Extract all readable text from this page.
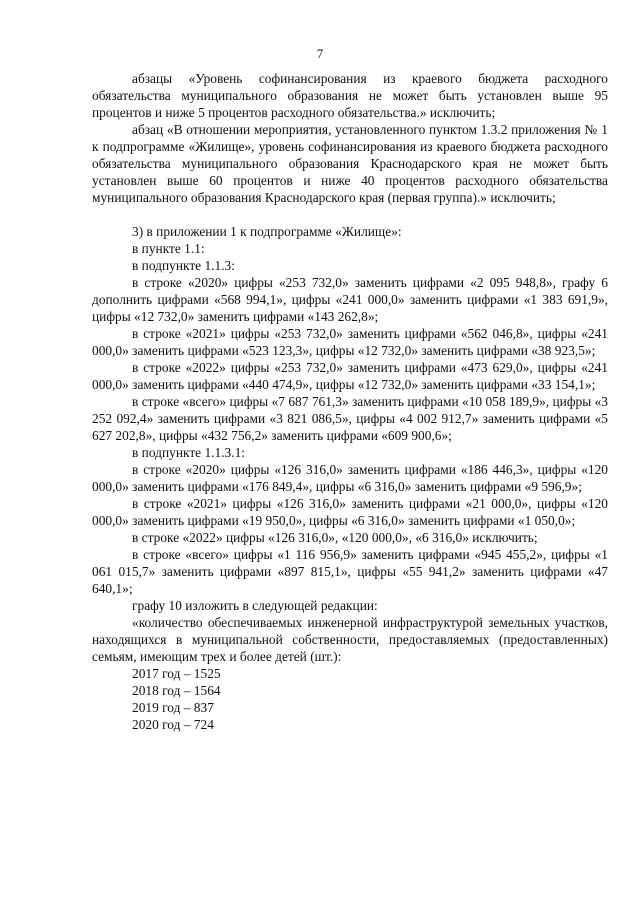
7

абзацы «Уровень софинансирования из краевого бюджета расходного обязательства муниципального образования не может быть установлен выше 95 процентов и ниже 5 процентов расходного обязательства.» исключить;

абзац «В отношении мероприятия, установленного пунктом 1.3.2 приложения № 1 к подпрограмме «Жилище», уровень софинансирования из краевого бюджета расходного обязательства муниципального образования Краснодарского края не может быть установлен выше 60 процентов и ниже 40 процентов расходного обязательства муниципального образования Краснодарского края (первая группа).» исключить;

3) в приложении 1 к подпрограмме «Жилище»:

в пункте 1.1:

в подпункте 1.1.3:

в строке «2020» цифры «253 732,0» заменить цифрами «2 095 948,8», графу 6 дополнить цифрами «568 994,1», цифры «241 000,0» заменить цифрами «1 383 691,9», цифры «12 732,0» заменить цифрами «143 262,8»;

в строке «2021» цифры «253 732,0» заменить цифрами «562 046,8», цифры «241 000,0» заменить цифрами «523 123,3», цифры «12 732,0» заменить цифрами «38 923,5»;

в строке «2022» цифры «253 732,0» заменить цифрами «473 629,0», цифры «241 000,0» заменить цифрами «440 474,9», цифры «12 732,0» заменить цифрами «33 154,1»;

в строке «всего» цифры «7 687 761,3» заменить цифрами «10 058 189,9», цифры «3 252 092,4» заменить цифрами «3 821 086,5», цифры «4 002 912,7» заменить цифрами «5 627 202,8», цифры «432 756,2» заменить цифрами «609 900,6»;

в подпункте 1.1.3.1:

в строке «2020» цифры «126 316,0» заменить цифрами «186 446,3», цифры «120 000,0» заменить цифрами «176 849,4», цифры «6 316,0» заменить цифрами «9 596,9»;

в строке «2021» цифры «126 316,0» заменить цифрами «21 000,0», цифры «120 000,0» заменить цифрами «19 950,0», цифры «6 316,0» заменить цифрами «1 050,0»;

в строке «2022» цифры «126 316,0», «120 000,0», «6 316,0» исключить;

в строке «всего» цифры «1 116 956,9» заменить цифрами «945 455,2», цифры «1 061 015,7» заменить цифрами «897 815,1», цифры «55 941,2» заменить цифрами «47 640,1»;

графу 10 изложить в следующей редакции:

«количество обеспечиваемых инженерной инфраструктурой земельных участков, находящихся в муниципальной собственности, предоставляемых (предоставленных) семьям, имеющим трех и более детей (шт.):

2017 год – 1525

2018 год – 1564

2019 год – 837

2020 год – 724
